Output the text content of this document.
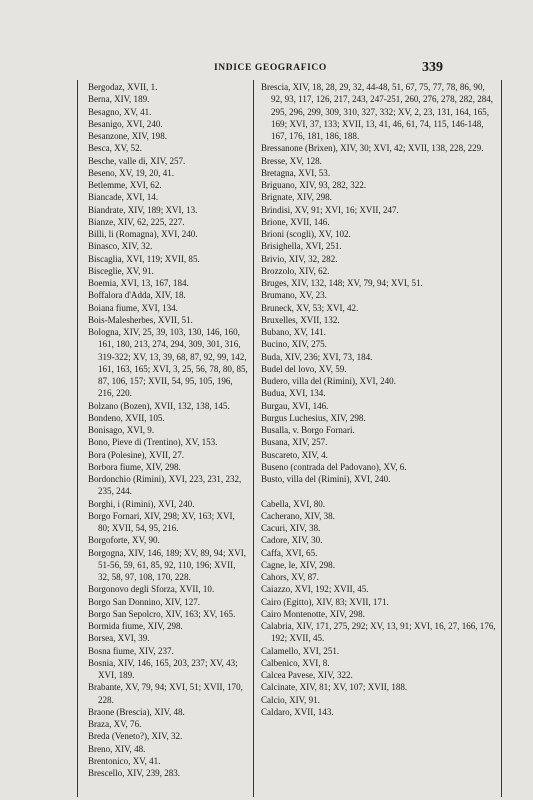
INDICE GEOGRAFICO	339
Bergodaz, XVII, 1.
Berna, XIV, 189.
Besagno, XV, 41.
Besanigo, XVI, 240.
Besanzone, XIV, 198.
Besca, XV, 52.
Besche, valle di, XIV, 257.
Beseno, XV, 19, 20, 41.
Betlemme, XVI, 62.
Biancade, XVI, 14.
Biandrate, XIV, 189; XVI, 13.
Bianze, XIV, 62, 225, 227.
Billi, li (Romagna), XVI, 240.
Binasco, XIV, 32.
Biscaglia, XVI, 119; XVII, 85.
Bisceglie, XV, 91.
Boemia, XVI, 13, 167, 184.
Boffalora d'Adda, XIV, 18.
Boiana fiume, XVI, 134.
Bois-Malesherbes, XVII, 51.
Bologna, XIV, 25, 39, 103, 130, 146, 160, 161, 180, 213, 274, 294, 309, 301, 316, 319-322; XV, 13, 39, 68, 87, 92, 99, 142, 161, 163, 165; XVI, 3, 25, 56, 78, 80, 85, 87, 106, 157; XVII, 54, 95, 105, 196, 216, 220.
Bolzano (Bozen), XVII, 132, 138, 145.
Bondeno, XVII, 105.
Bonisago, XVI, 9.
Bono, Pieve di (Trentino), XV, 153.
Bora (Polesine), XVII, 27.
Borbora fiume, XIV, 298.
Bordonchio (Rimini), XVI, 223, 231, 232, 235, 244.
Borghi, i (Rimini), XVI, 240.
Borgo Fornari, XIV, 298; XV, 163; XVI, 80; XVII, 54, 95, 216.
Borgoforte, XV, 90.
Borgogna, XIV, 146, 189; XV, 89, 94; XVI, 51-56, 59, 61, 85, 92, 110, 196; XVII, 32, 58, 97, 108, 170, 228.
Borgonovo degli Sforza, XVII, 10.
Borgo San Donnino, XIV, 127.
Borgo San Sepolcro, XIV, 163; XV, 165.
Bormida fiume, XIV, 298.
Borsea, XVI, 39.
Bosna fiume, XIV, 237.
Bosnia, XIV, 146, 165, 203, 237; XV, 43; XVI, 189.
Brabante, XV, 79, 94; XVI, 51; XVII, 170, 228.
Braone (Brescia), XIV, 48.
Braza, XV, 76.
Breda (Veneto?), XIV, 32.
Breno, XIV, 48.
Brentonico, XV, 41.
Brescello, XIV, 239, 283.
Brescia, XIV, 18, 28, 29, 32, 44-48, 51, 67, 75, 77, 78, 86, 90, 92, 93, 117, 126, 217, 243, 247-251, 260, 276, 278, 282, 284, 295, 296, 299, 309, 310, 327, 332; XV, 2, 23, 131, 164, 165, 169; XVI, 37, 133; XVII, 13, 41, 46, 61, 74, 115, 146-148, 167, 176, 181, 186, 188.
Bressanone (Brixen), XIV, 30; XVI, 42; XVII, 138, 228, 229.
Bresse, XV, 128.
Bretagna, XVI, 53.
Briguano, XIV, 93, 282, 322.
Brignate, XIV, 298.
Brindisi, XV, 91; XVI, 16; XVII, 247.
Brione, XVII, 146.
Brioni (scogli), XV, 102.
Brisighella, XVI, 251.
Brivio, XIV, 32, 282.
Brozzolo, XIV, 62.
Bruges, XIV, 132, 148; XV, 79, 94; XVI, 51.
Brumano, XV, 23.
Bruneck, XV, 53; XVI, 42.
Bruxelles, XVII, 132.
Bubano, XV, 141.
Bucino, XIV, 275.
Buda, XIV, 236; XVI, 73, 184.
Budel del lovo, XV, 59.
Budero, villa del (Rimini), XVI, 240.
Budua, XVI, 134.
Burgau, XVI, 146.
Burgus Luchesius, XIV, 298.
Busalla, v. Borgo Fornari.
Busana, XIV, 257.
Buscareto, XIV, 4.
Buseno (contrada del Padovano), XV, 6.
Busto, villa del (Rimini), XVI, 240.
Cabella, XVI, 80.
Cacherano, XIV, 38.
Cacuri, XIV, 38.
Cadore, XIV, 30.
Caffa, XVI, 65.
Cagne, le, XIV, 298.
Cahors, XV, 87.
Caiazzo, XVI, 192; XVII, 45.
Cairo (Egitto), XIV, 83; XVII, 171.
Cairo Montenotte, XIV, 298.
Calabria, XIV, 171, 275, 292; XV, 13, 91; XVI, 16, 27, 166, 176, 192; XVII, 45.
Calamello, XVI, 251.
Calbenico, XVI, 8.
Calcea Pavese, XIV, 322.
Calcinate, XIV, 81; XV, 107; XVII, 188.
Calcio, XIV, 91.
Caldaro, XVII, 143.
